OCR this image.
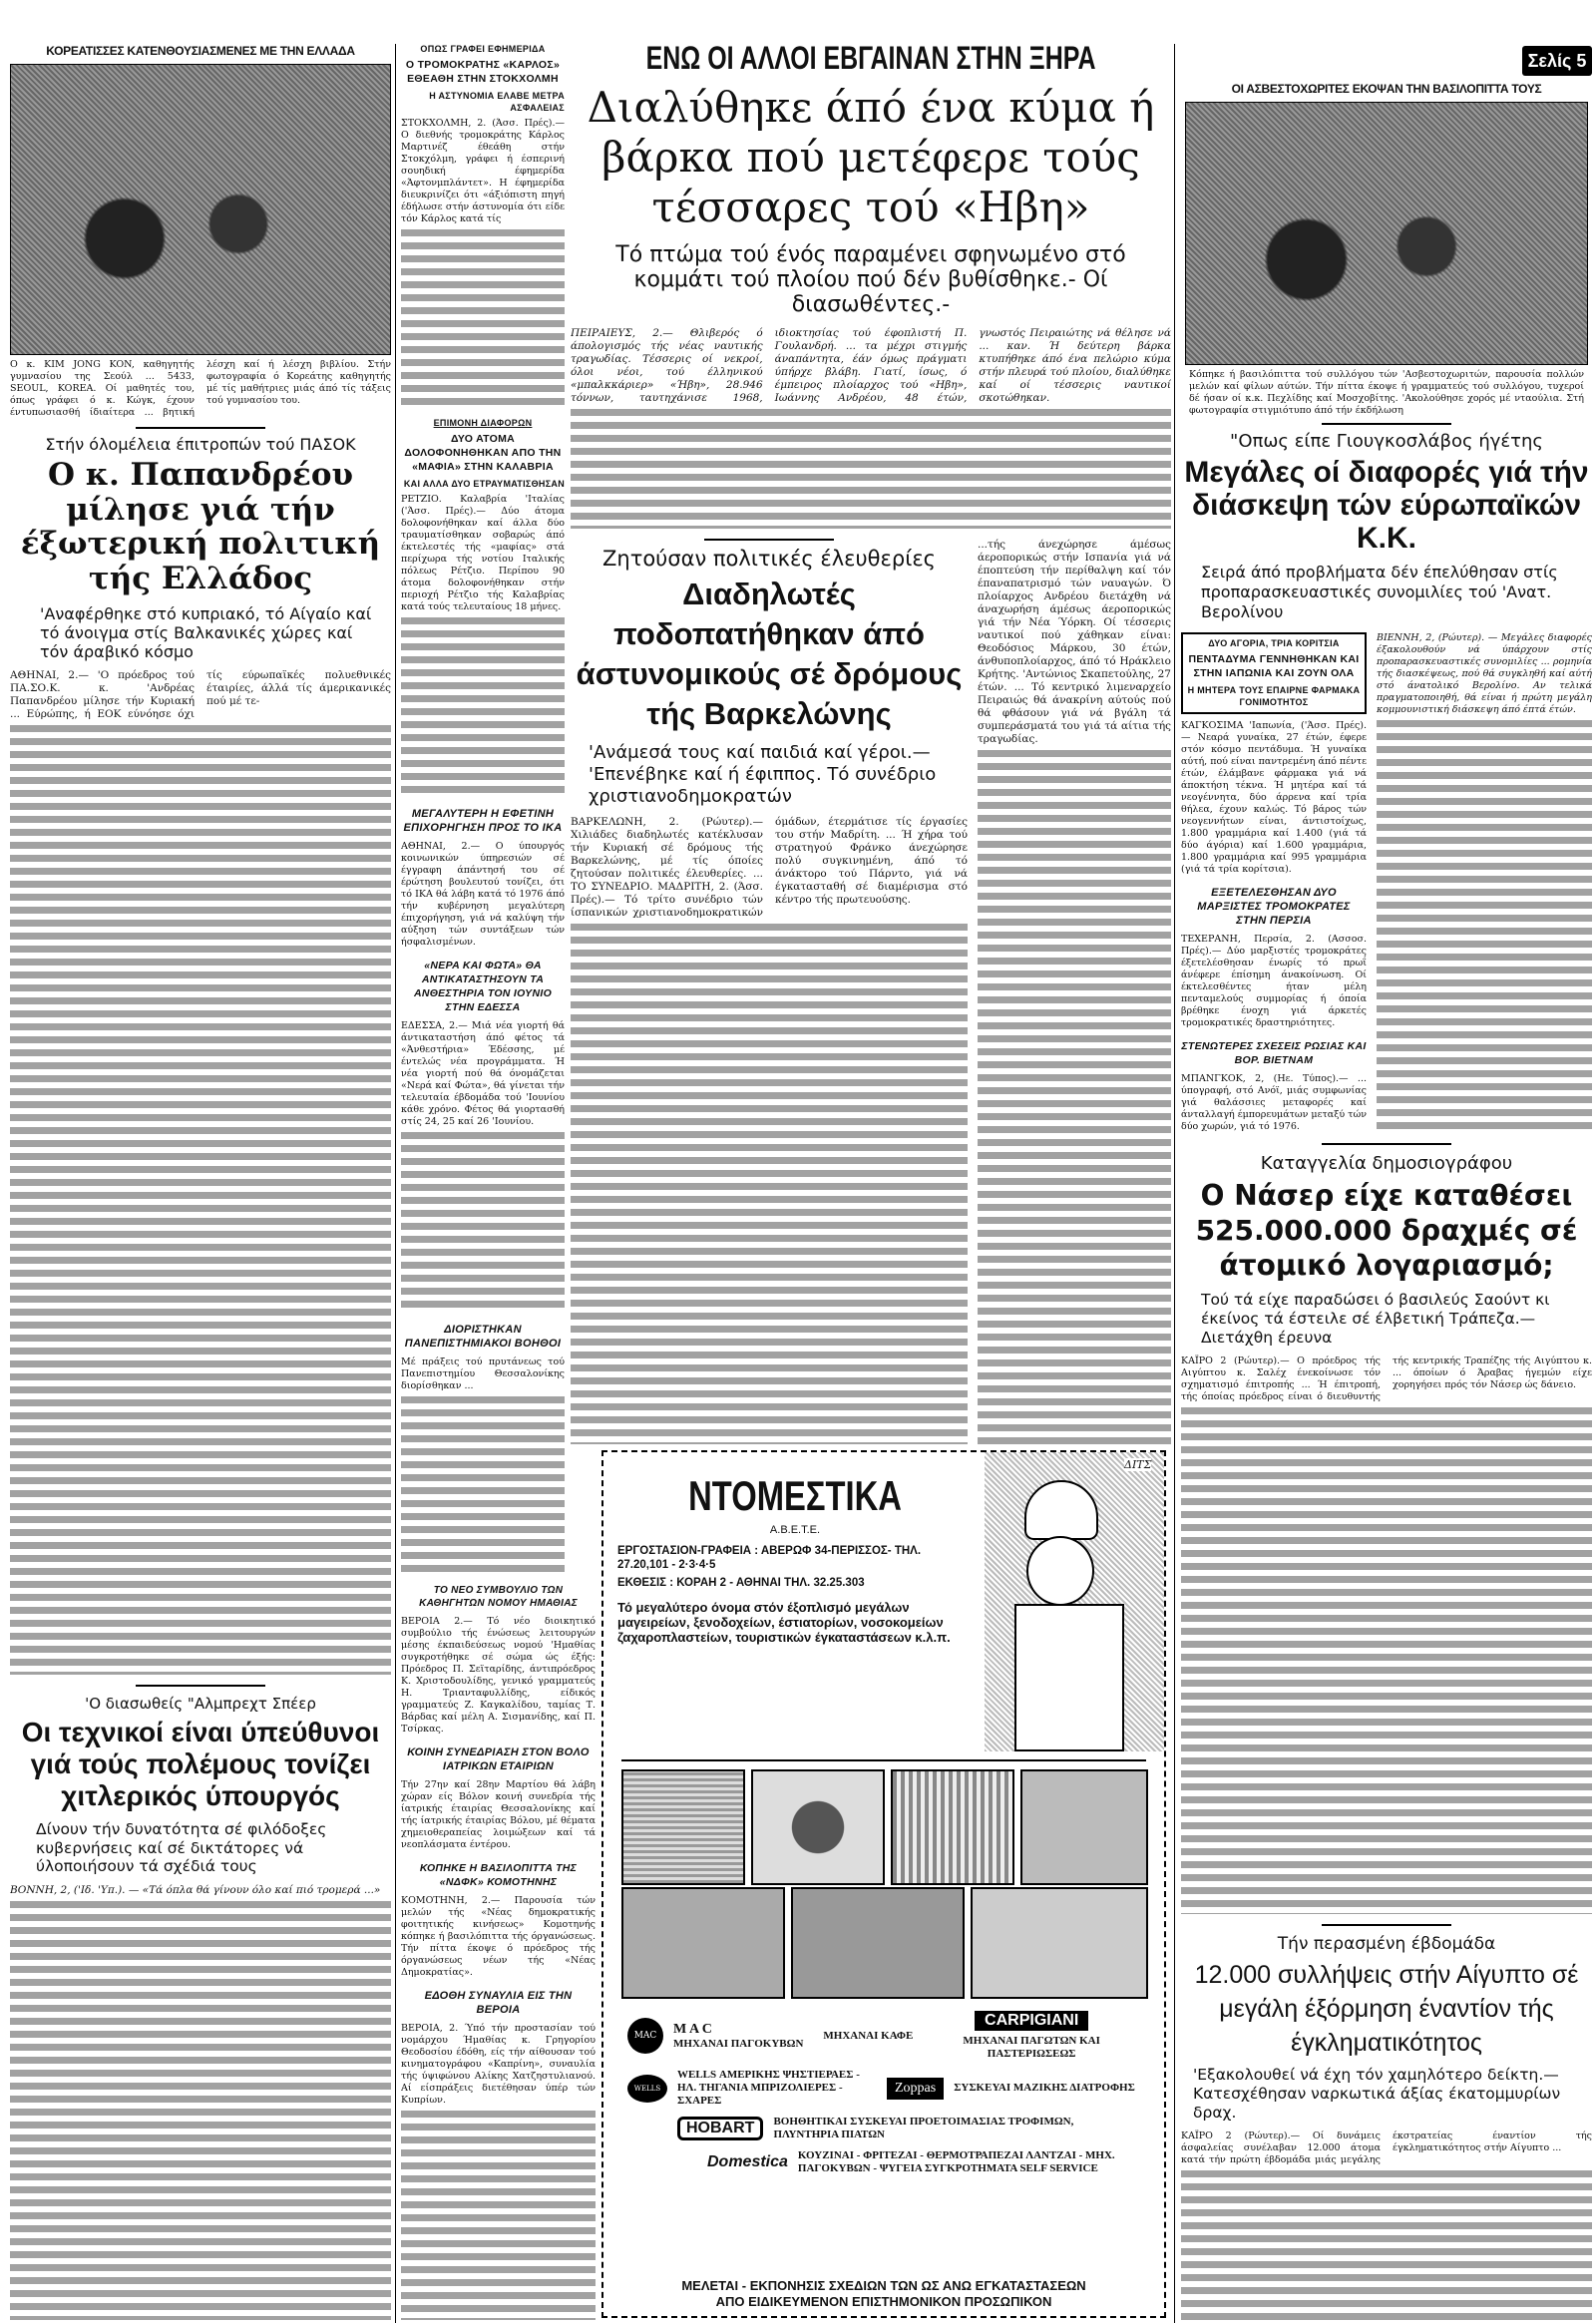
ΚΟΡΕΑΤΙΣΣΕΣ ΚΑΤΕΝΘΟΥΣΙΑΣΜΕΝΕΣ ΜΕ ΤΗΝ ΕΛΛΑΔΑ
Ο κ. KIM JONG KON, καθηγητής γυμνασίου της Σεούλ ... 5433, SEOUL, KOREA. Οί μαθητές του, όπως γράφει ό κ. Κώγκ, έχουν έντυπωσιασθή ίδιαίτερα ... βητική λέσχη καί ή λέσχη βιβλίου. Στήν φωτογραφία ό Κορεάτης καθηγητής μέ τίς μαθήτριες μιάς άπό τίς τάξεις τού γυμνασίου του.
Στήν όλομέλεια έπιτροπών τού ΠΑΣΟΚ
Ο κ. Παπανδρέου μίλησε γιά τήν έξωτερική πολιτική τής Ελλάδος
'Αναφέρθηκε στό κυπριακό, τό Αίγαίο καί τό άνοιγμα στίς Βαλκανικές χώρες καί τόν άραβικό κόσμο
ΑΘΗΝΑΙ, 2.— 'Ο πρόεδρος τού ΠΑ.ΣΟ.Κ. κ. 'Ανδρέας Παπανδρέου μίλησε τήν Κυριακή ... Εύρώπης, ή ΕΟΚ εύνόησε όχι τίς εύρωπαϊκές πολυεθνικές έταιρίες, άλλά τίς άμερικανικές πού μέ τε-
'Ο διασωθείς "Αλμπρεχτ Σπέερ
Οι τεχνικοί είναι ύπεύθυνοι γιά τούς πολέμους τονίζει χιτλερικός ύπουργός
Δίνουν τήν δυνατότητα σέ φιλόδοξες κυβερνήσεις καί σέ δικτάτορες νά ύλοποιήσουν τά σχέδιά τους
ΒΟΝΝΗ, 2, ('Ιδ. 'Υπ.). — «Τά όπλα θά γίνουν όλο καί πιό τρομερά ...»
ΟΠΩΣ ΓΡΑΦΕΙ ΕΦΗΜΕΡΙΔΑ
Ο ΤΡΟΜΟΚΡΑΤΗΣ «ΚΑΡΛΟΣ» ΕΘΕΑΘΗ ΣΤΗΝ ΣΤΟΚΧΟΛΜΗ
Η ΑΣΤΥΝΟΜΙΑ ΕΛΑΒΕ ΜΕΤΡΑ ΑΣΦΑΛΕΙΑΣ
ΣΤΟΚΧΟΛΜΗ, 2. (Άσσ. Πρές).— Ο διεθνής τρομοκράτης Κάρλος Μαρτινέζ έθεάθη στήν Στοκχόλμη, γράφει ή έσπερινή σουηδική έφημερίδα «Άφτονμπλάντετ». Η έφημερίδα διευκρινίζει ότι «άξιόπιστη πηγή έδήλωσε στήν άστυνομία ότι είδε τόν Κάρλος κατά τίς
ΕΠΙΜΟΝΗ ΔΙΑΦΟΡΩΝ
ΔΥΟ ΑΤΟΜΑ ΔΟΛΟΦΟΝΗΘΗΚΑΝ ΑΠΟ ΤΗΝ «ΜΑΦΙΑ» ΣΤΗΝ ΚΑΛΑΒΡΙΑ
ΚΑΙ ΑΛΛΑ ΔΥΟ ΕΤΡΑΥΜΑΤΙΣΘΗΣΑΝ
ΡΕΤΖΙΟ. Καλαβρία 'Ιταλίας ('Άσσ. Πρές).— Δύο άτομα δολοφονήθηκαν καί άλλα δύο τραυματίσθηκαν σοβαρώς άπό έκτελεστές τής «μαφίας» στά περίχωρα τής νοτίου Ιταλικής πόλεως Ρέτζιο. Περίπου 90 άτομα δολοφονήθηκαν στήν περιοχή Ρέτζιο τής Καλαβρίας κατά τούς τελευταίους 18 μήνες.
ΜΕΓΑΛΥΤΕΡΗ Η ΕΦΕΤΙΝΗ ΕΠΙΧΟΡΗΓΗΣΗ ΠΡΟΣ ΤΟ ΙΚΑ
ΑΘΗΝΑΙ, 2.— Ο ύπουργός κοινωνικών ύπηρεσιών σέ έγγραφη άπάντησή του σέ έρώτηση βουλευτού τονίζει, ότι τό ΙΚΑ θά λάβη κατά τό 1976 άπό τήν κυβέρνηση μεγαλύτερη έπιχορήγηση, γιά νά καλύψη τήν αύξηση τών συντάξεων τών ήσφαλισμένων.
«ΝΕΡΑ ΚΑΙ ΦΩΤΑ» ΘΑ ΑΝΤΙΚΑΤΑΣΤΗΣΟΥΝ ΤΑ ΑΝΘΕΣΤΗΡΙΑ ΤΟΝ ΙΟΥΝΙΟ ΣΤΗΝ ΕΔΕΣΣΑ
ΕΔΕΣΣΑ, 2.— Μιά νέα γιορτή θά άντικαταστήση άπό φέτος τά «Άνθεστήρια» Έδέσσης, μέ έντελώς νέα προγράμματα. Ή νέα γιορτή πού θά όνομάζεται «Νερά καί Φώτα», θά γίνεται τήν τελευταία έβδομάδα τού 'Ιουνίου κάθε χρόνο. Φέτος θά γιορτασθή στίς 24, 25 καί 26 'Ιουνίου.
ΔΙΟΡΙΣΤΗΚΑΝ ΠΑΝΕΠΙΣΤΗΜΙΑΚΟΙ ΒΟΗΘΟΙ
Μέ πράξεις τού πρυτάνεως τού Πανεπιστημίου Θεσσαλονίκης διορίσθηκαν ...
ΤΟ ΝΕΟ ΣΥΜΒΟΥΛΙΟ ΤΩΝ ΚΑΘΗΓΗΤΩΝ ΝΟΜΟΥ ΗΜΑΘΙΑΣ
ΒΕΡΟΙΑ 2.— Τό νέο διοικητικό συμβούλιο τής ένώσεως λειτουργών μέσης έκπαιδεύσεως νομού 'Ημαθίας συγκροτήθηκε σέ σώμα ώς έξής: Πρόεδρος Π. Σεϊταρίδης, άντιπρόεδρος Κ. Χριστοδουλίδης, γενικό γραμματεύς Η. Τριανταφυλλίδης, είδικός γραμματεύς Ζ. Καγκαλίδου, ταμίας Τ. Βάρδας καί μέλη Α. Σισμανίδης, καί Π. Τσίρκας.
ΚΟΙΝΗ ΣΥΝΕΔΡΙΑΣΗ ΣΤΟΝ ΒΟΛΟ ΙΑΤΡΙΚΩΝ ΕΤΑΙΡΙΩΝ
Τήν 27ην καί 28ην Μαρτίου θά λάβη χώραν είς Βόλον κοινή συνεδρία τής ίατρικής έταιρίας Θεσσαλονίκης καί τής ίατρικής έταιρίας Βόλου, μέ θέματα χημειοθεραπείας λοιμώξεων καί τά νεοπλάσματα έντέρου.
ΚΟΠΗΚΕ Η ΒΑΣΙΛΟΠΙΤΤΑ ΤΗΣ «ΝΔΦΚ» ΚΟΜΟΤΗΝΗΣ
ΚΟΜΟΤΗΝΗ, 2.— Παρουσία τών μελών τής «Νέας δημοκρατικής φοιτητικής κινήσεως» Κομοτηνής κόπηκε ή βασιλόπιττα τής όργανώσεως. Τήν πίττα έκοψε ό πρόεδρος τής όργανώσεως νέων τής «Νέας Δημοκρατίας».
ΕΔΟΘΗ ΣΥΝΑΥΛΙΑ ΕΙΣ ΤΗΝ ΒΕΡΟΙΑ
ΒΕΡΟΙΑ, 2. Ύπό τήν προστασίαν τού νομάρχου Ήμαθίας κ. Γρηγορίου Θεοδοσίου έδόθη, είς τήν αίθουσαν τού κινηματογράφου «Καπρίνη», συναυλία τής ύψιφώνου Αλίκης Χατζηστυλιανού. Αί είσπράξεις διετέθησαν ύπέρ τών Κυπρίων.
ΕΝΩ ΟΙ ΑΛΛΟΙ ΕΒΓΑΙΝΑΝ ΣΤΗΝ ΞΗΡΑ
Διαλύθηκε άπό ένα κύμα ή βάρκα πού μετέφερε τούς τέσσαρες τού «Ηβη»
Τό πτώμα τού ένός παραμένει σφηνωμένο στό κομμάτι τού πλοίου πού δέν βυθίσθηκε.- Οί διασωθέντες.-
ΠΕΙΡΑΙΕΥΣ, 2.— Θλιβερός ό άπολογισμός τής νέας ναυτικής τραγωδίας. Τέσσερις οί νεκροί, όλοι νέοι, τού έλληνικού «μπαλκκάριερ» «Ήβη», 28.946 τόννων, ταυτηχάνισε 1968, ιδιοκτησίας τού έφοπλιστή Π. Γουλανδρή. ... τα μέχρι στιγμής άναπάντητα, έάν όμως πράγματι ύπήρχε βλάβη. Γιατί, ίσως, ό έμπειρος πλοίαρχος τού «Ηβη», Ιωάννης Ανδρέου, 48 έτών, γνωστός Πειραιώτης νά θέλησε νά ... καν. Ή δεύτερη βάρκα κτυπήθηκε άπό ένα πελώριο κύμα στήν πλευρά τού πλοίου, διαλύθηκε καί οί τέσσερις ναυτικοί σκοτώθηκαν.
Ζητούσαν πολιτικές έλευθερίες
Διαδηλωτές ποδοπατήθηκαν άπό άστυνομικούς σέ δρόμους τής Βαρκελώνης
'Ανάμεσά τους καί παιδιά καί γέροι.— 'Επενέβηκε καί ή έφιππος. Τό συνέδριο χριστιανοδημοκρατών
ΒΑΡΚΕΛΩΝΗ, 2. (Ρώυτερ).— Χιλιάδες διαδηλωτές κατέκλυσαν τήν Κυριακή σέ δρόμους τής Βαρκελώνης, μέ τίς όποίες ζητούσαν πολιτικές έλευθερίες. ... ΤΟ ΣΥΝΕΔΡΙΟ. ΜΑΔΡΙΤΗ, 2. (Άσσ. Πρές).— Τό τρίτο συνέδριο τών ίσπανικών χριστιανοδημοκρατικών όμάδων, έτερμάτισε τίς έργασίες του στήν Μαδρίτη. ... Ή χήρα τού στρατηγού Φράνκο άνεχώρησε πολύ συγκινημένη, άπό τό άνάκτορο τού Πάρντο, γιά νά έγκατασταθή σέ διαμέρισμα στό κέντρο τής πρωτευούσης.
...τής άνεχώρησε άμέσως άεροπορικώς στήν Ισπανία γιά νά έποπτεύση τήν περίθαλψη καί τόν έπαναπατρισμό τών ναυαγών. Ό πλοίαρχος Ανδρέου διετάχθη νά άναχωρήση άμέσως άεροπορικώς γιά τήν Νέα Ύόρκη. Οί τέσσερις ναυτικοί πού χάθηκαν είναι: Θεοδόσιος Μάρκου, 30 έτών, άνθυποπλοίαρχος, άπό τό Ηράκλειο Κρήτης. 'Αντώνιος Σκαπετούλης, 27 έτών. ... Τό κεντρικό λιμεναρχείο Πειραιώς θά άνακρίνη αύτούς πού θά φθάσουν γιά νά βγάλη τά συμπεράσματά του γιά τά αίτια τής τραγωδίας.
ΝΤΟΜΕΣΤΙΚΑ
Α.Β.Ε.Τ.Ε.
ΕΡΓΟΣΤΑΣΙΟΝ-ΓΡΑΦΕΙΑ : ΑΒΕΡΩΦ 34-ΠΕΡΙΣΣΟΣ- ΤΗΛ. 27.20,101 - 2·3·4·5
ΕΚΘΕΣΙΣ : ΚΟΡΑΗ 2 - ΑΘΗΝΑΙ ΤΗΛ. 32.25.303
Τό μεγαλύτερο όνομα στόν έξοπλισμό μεγάλων μαγειρείων, ξενοδοχείων, έστιατορίων, νοσοκομείων ζαχαροπλαστείων, τουριστικών έγκαταστάσεων κ.λ.π.
ΔΙΤΣ
MAC M A C
ΜΗΧΑΝΑΙ ΠΑΓΟΚΥΒΩΝ
ΜΗΧΑΝΑΙ ΚΑΦΕ
CARPIGIANI
ΜΗΧΑΝΑΙ ΠΑΓΩΤΩΝ ΚΑΙ ΠΑΣΤΕΡΙΩΣΕΩΣ
WELLS
WELLS ΑΜΕΡΙΚΗΣ ΨΗΣΤΙΕΡΑΕΣ - ΗΛ. ΤΗΓΑΝΙΑ ΜΠΡΙΖΟΛΙΕΡΕΣ - ΣΧΑΡΕΣ
Zoppas	ΣΥΣΚΕΥΑΙ ΜΑΖΙΚΗΣ ΔΙΑΤΡΟΦΗΣ
HOBART	ΒΟΗΘΗΤΙΚΑΙ ΣΥΣΚΕΥΑΙ ΠΡΟΕΤΟΙΜΑΣΙΑΣ ΤΡΟΦΙΜΩΝ, ΠΛΥΝΤΗΡΙΑ ΠΙΑΤΩΝ
Domestica ΚΟΥΖΙΝΑΙ - ΦΡΙΤΕΖΑΙ - ΘΕΡΜΟΤΡΑΠΕΖΑΙ ΛΑΝΤΖΑΙ - ΜΗΧ. ΠΑΓΟΚΥΒΩΝ - ΨΥΓΕΙΑ ΣΥΓΚΡΟΤΗΜΑΤΑ SELF SERVICE
ΜΕΛΕΤΑΙ - ΕΚΠΟΝΗΣΙΣ ΣΧΕΔΙΩΝ ΤΩΝ ΩΣ ΑΝΩ ΕΓΚΑΤΑΣΤΑΣΕΩΝ
ΑΠΟ ΕΙΔΙΚΕΥΜΕΝΟΝ ΕΠΙΣΤΗΜΟΝΙΚΟΝ ΠΡΟΣΩΠΙΚΟΝ
Σελίς 5
ΟΙ ΑΣΒΕΣΤΟΧΩΡΙΤΕΣ ΕΚΟΨΑΝ ΤΗΝ ΒΑΣΙΛΟΠΙΤΤΑ ΤΟΥΣ
Κόπηκε ή βασιλόπιττα τού συλλόγου τών 'Ασβεστοχωριτών, παρουσία πολλών μελών καί φίλων αύτών. Τήν πίττα έκοψε ή γραμματεύς τού συλλόγου, τυχεροί δέ ήσαν οί κ.κ. Πεχλίδης καί Μοσχοβίτης. 'Ακολούθησε χορός μέ νταούλια. Στή φωτογραφία στιγμιότυπο άπό τήν έκδήλωση
"Οπως είπε Γιουγκοσλάβος ήγέτης
Μεγάλες οί διαφορές γιά τήν διάσκεψη τών εύρωπαϊκών Κ.Κ.
Σειρά άπό προβλήματα δέν έπελύθησαν στίς προπαρασκευαστικές συνομιλίες τού 'Ανατ. Βερολίνου
ΔΥΟ ΑΓΟΡΙΑ, ΤΡΙΑ ΚΟΡΙΤΣΙΑ
ΠΕΝΤΑΔΥΜΑ ΓΕΝΝΗΘΗΚΑΝ ΚΑΙ ΣΤΗΝ ΙΑΠΩΝΙΑ ΚΑΙ ΖΟΥΝ ΟΛΑ
Η ΜΗΤΕΡΑ ΤΟΥΣ ΕΠΑΙΡΝΕ ΦΑΡΜΑΚΑ ΓΟΝΙΜΟΤΗΤΟΣ
ΚΑΓΚΟΣΙΜΑ 'Ιαπωνία, ('Άσσ. Πρές).— Νεαρά γυναίκα, 27 έτών, έφερε στόν κόσμο πεντάδυμα. Ή γυναίκα αύτή, πού είναι παντρεμένη άπό πέντε έτών, έλάμβανε φάρμακα γιά νά άποκτήση τέκνα. Ή μητέρα καί τά νεογέννητα, δύο άρρενα καί τρία θήλεα, έχουν καλώς. Τό βάρος τών νεογεννήτων είναι, άντιστοίχως, 1.800 γραμμάρια καί 1.400 (γιά τά δύο άγόρια) καί 1.600 γραμμάρια, 1.800 γραμμάρια καί 995 γραμμάρια (γιά τά τρία κορίτσια).
ΕΞΕΤΕΛΕΣΘΗΣΑΝ ΔΥΟ ΜΑΡΞΙΣΤΕΣ ΤΡΟΜΟΚΡΑΤΕΣ ΣΤΗΝ ΠΕΡΣΙΑ
ΤΕΧΕΡΑΝΗ, Περσία, 2. (Ασσοσ. Πρές).— Δύο μαρξιστές τρομοκράτες έξετελέσθησαν ένωρίς τό πρωΐ άνέφερε έπίσημη άνακοίνωση. Οί έκτελεσθέντες ήταν μέλη πενταμελούς συμμορίας ή όποία βρέθηκε ένοχη γιά άρκετές τρομοκρατικές δραστηριότητες.
ΣΤΕΝΩΤΕΡΕΣ ΣΧΕΣΕΙΣ ΡΩΣΙΑΣ ΚΑΙ ΒΟΡ. ΒΙΕΤΝΑΜ
ΜΠΑΝΓΚΟΚ, 2, (Ηε. Τύπος).— ... ύπογραφή, στό Ανόϊ, μιάς συμφωνίας γιά θαλάσσιες μεταφορές καί άνταλλαγή έμπορευμάτων μεταξύ τών δύο χωρών, γιά τό 1976.
ΒΙΕΝΝΗ, 2, (Ρώυτερ). — Μεγάλες διαφορές έξακολουθούν νά ύπάρχουν στίς προπαρασκευαστικές συνομιλίες ... ρομηνία τής διασκέψεως, πού θά συγκληθή καί αύτή στό άνατολικό Βερολίνο. Αν τελικά πραγματοποιηθή, θά είναι ή πρώτη μεγάλη κομμουνιστική διάσκεψη άπό έπτά έτών.
Καταγγελία δημοσιογράφου
Ο Νάσερ είχε καταθέσει 525.000.000 δραχμές σέ άτομικό λογαριασμό;
Τού τά είχε παραδώσει ό βασιλεύς Σαούντ κι έκείνος τά έστειλε σέ έλβετική Τράπεζα.— Διετάχθη έρευνα
ΚΑΪΡΟ 2 (Ρώυτερ).— Ο πρόεδρος τής Αιγύπτου κ. Σαλέχ ένεκοίνωσε τόν σχηματισμό έπιτροπής ... Ή έπιτροπή, τής όποίας πρόεδρος είναι ό διευθυντής τής κεντρικής Τραπέζης τής Αιγύπτου κ. ... όποίων ό Άραβας ήγεμών είχε χορηγήσει πρός τόν Νάσερ ώς δάνειο.
Τήν περασμένη έβδομάδα
12.000 συλλήψεις στήν Αίγυπτο σέ μεγάλη έξόρμηση έναντίον τής έγκληματικότητος
'Εξακολουθεί νά έχη τόν χαμηλότερο δείκτη.— Κατεσχέθησαν ναρκωτικά άξίας έκατομμυρίων δραχ.
ΚΑΪΡΟ 2 (Ρώυτερ).— Οί δυνάμεις άσφαλείας συνέλαβαν 12.000 άτομα κατά τήν πρώτη έβδομάδα μιάς μεγάλης έκστρατείας έναντίον τής έγκληματικότητος στήν Αίγυπτο ...
